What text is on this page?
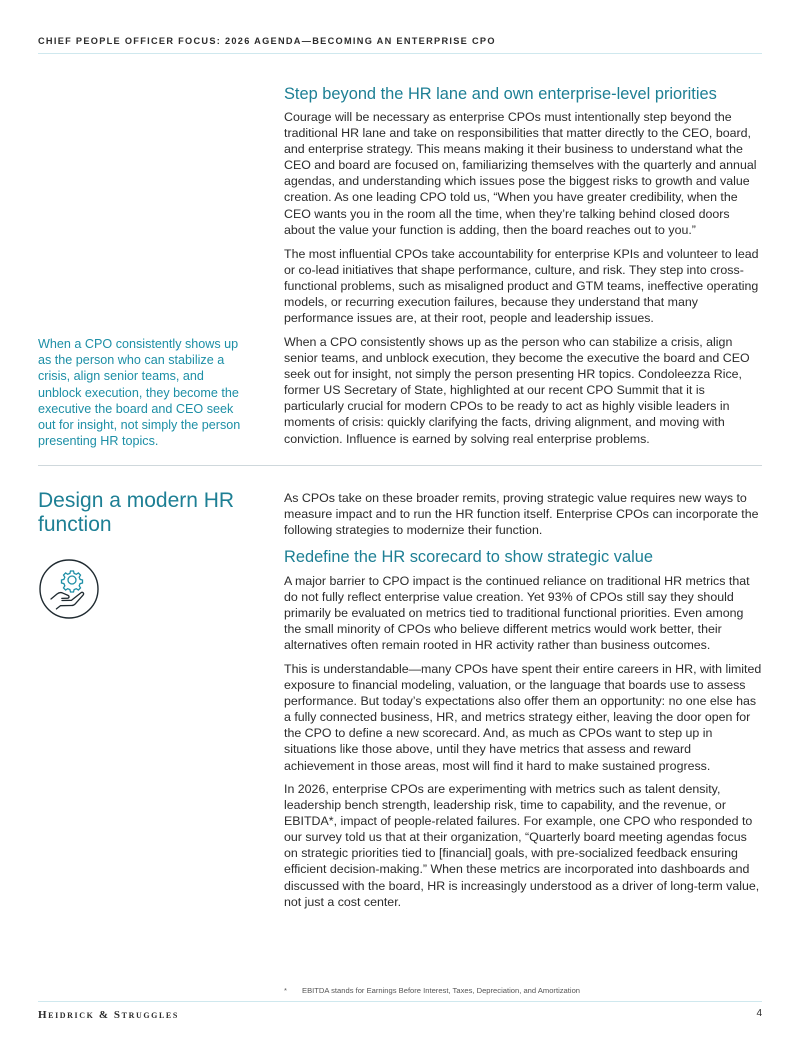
CHIEF PEOPLE OFFICER FOCUS: 2026 AGENDA—BECOMING AN ENTERPRISE CPO
Step beyond the HR lane and own enterprise-level priorities

Courage will be necessary as enterprise CPOs must intentionally step beyond the traditional HR lane and take on responsibilities that matter directly to the CEO, board, and enterprise strategy. This means making it their business to understand what the CEO and board are focused on, familiarizing themselves with the quarterly and annual agendas, and understanding which issues pose the biggest risks to growth and value creation. As one leading CPO told us, “When you have greater credibility, when the CEO wants you in the room all the time, when they’re talking behind closed doors about the value your function is adding, then the board reaches out to you.”

The most influential CPOs take accountability for enterprise KPIs and volunteer to lead or co-lead initiatives that shape performance, culture, and risk. They step into cross-functional problems, such as misaligned product and GTM teams, ineffective operating models, or recurring execution failures, because they understand that many performance issues are, at their root, people and leadership issues.

When a CPO consistently shows up as the person who can stabilize a crisis, align senior teams, and unblock execution, they become the executive the board and CEO seek out for insight, not simply the person presenting HR topics. Condoleezza Rice, former US Secretary of State, highlighted at our recent CPO Summit that it is particularly crucial for modern CPOs to be ready to act as highly visible leaders in moments of crisis: quickly clarifying the facts, driving alignment, and moving with conviction. Influence is earned by solving real enterprise problems.

When a CPO consistently shows up as the person who can stabilize a crisis, align senior teams, and unblock execution, they become the executive the board and CEO seek out for insight, not simply the person presenting HR topics.
Design a modern HR function

As CPOs take on these broader remits, proving strategic value requires new ways to measure impact and to run the HR function itself. Enterprise CPOs can incorporate the following strategies to modernize their function.

Redefine the HR scorecard to show strategic value

A major barrier to CPO impact is the continued reliance on traditional HR metrics that do not fully reflect enterprise value creation. Yet 93% of CPOs still say they should primarily be evaluated on metrics tied to traditional functional priorities. Even among the small minority of CPOs who believe different metrics would work better, their alternatives often remain rooted in HR activity rather than business outcomes.

This is understandable—many CPOs have spent their entire careers in HR, with limited exposure to financial modeling, valuation, or the language that boards use to assess performance. But today’s expectations also offer them an opportunity: no one else has a fully connected business, HR, and metrics strategy either, leaving the door open for the CPO to define a new scorecard. And, as much as CPOs want to step up in situations like those above, until they have metrics that assess and reward achievement in those areas, most will find it hard to make sustained progress.

In 2026, enterprise CPOs are experimenting with metrics such as talent density, leadership bench strength, leadership risk, time to capability, and the revenue, or EBITDA*, impact of people-related failures. For example, one CPO who responded to our survey told us that at their organization, “Quarterly board meeting agendas focus on strategic priorities tied to [financial] goals, with pre-socialized feedback ensuring efficient decision-making.” When these metrics are incorporated into dashboards and discussed with the board, HR is increasingly understood as a driver of long-term value, not just a cost center.

* EBITDA stands for Earnings Before Interest, Taxes, Depreciation, and Amortization
Heidrick & Struggles	4
